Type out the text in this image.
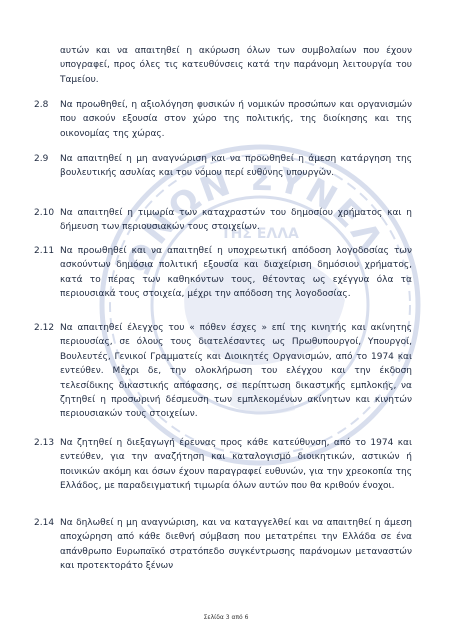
ΩΝΩΝ ΣΥΝΕΛ
ΤΗΣ ΕΛΛΑ

αυτών και να απαιτηθεί η ακύρωση όλων των συμβολαίων που έχουν υπογραφεί, προς όλες τις κατευθύνσεις κατά την παράνομη λειτουργία του Ταμείου.

2.8	Να προωθηθεί, η αξιολόγηση φυσικών ή νομικών προσώπων και οργανισμών που ασκούν εξουσία στον χώρο της πολιτικής, της διοίκησης και της οικονομίας της χώρας.

2.9	Να απαιτηθεί η μη αναγνώριση και να προωθηθεί η άμεση κατάργηση της βουλευτικής ασυλίας και του νόμου περί ευθύνης υπουργών.

2.10 Να απαιτηθεί η τιμωρία των καταχραστών του δημοσίου χρήματος και η δήμευση των περιουσιακών τους στοιχείων.

2.11 Να προωθηθεί και να απαιτηθεί η υποχρεωτική απόδοση λογοδοσίας των ασκούντων δημόσια πολιτική εξουσία και διαχείριση δημόσιου χρήματος, κατά το πέρας των καθηκόντων τους, θέτοντας ως εχέγγυα όλα τα περιουσιακά τους στοιχεία, μέχρι την απόδοση της λογοδοσίας.

2.12 Να απαιτηθεί έλεγχος του « πόθεν έσχες » επί της κινητής και ακίνητης περιουσίας, σε όλους τους διατελέσαντες ως Πρωθυπουργοί, Υπουργοί, Βουλευτές, Γενικοί Γραμματείς και Διοικητές Οργανισμών, από το 1974 και εντεύθεν. Μέχρι δε, την ολοκλήρωση του ελέγχου και την έκδοση τελεσίδικης δικαστικής απόφασης, σε περίπτωση δικαστικής εμπλοκής, να ζητηθεί η προσωρινή δέσμευση των εμπλεκομένων ακίνητων και κινητών περιουσιακών τους στοιχείων.

2.13 Να ζητηθεί η διεξαγωγή έρευνας προς κάθε κατεύθυνση, από το 1974 και εντεύθεν, για την αναζήτηση και καταλογισμό διοικητικών, αστικών ή ποινικών ακόμη και όσων έχουν παραγραφεί ευθυνών, για την χρεοκοπία της Ελλάδος, με παραδειγματική τιμωρία όλων αυτών που θα κριθούν ένοχοι.

2.14 Να δηλωθεί η μη αναγνώριση, και να καταγγελθεί και να απαιτηθεί η άμεση αποχώρηση από κάθε διεθνή σύμβαση που μετατρέπει την Ελλάδα σε ένα απάνθρωπο Ευρωπαϊκό στρατόπεδο συγκέντρωσης παράνομων μεταναστών και προτεκτοράτο ξένων

Σελίδα 3 από 6
